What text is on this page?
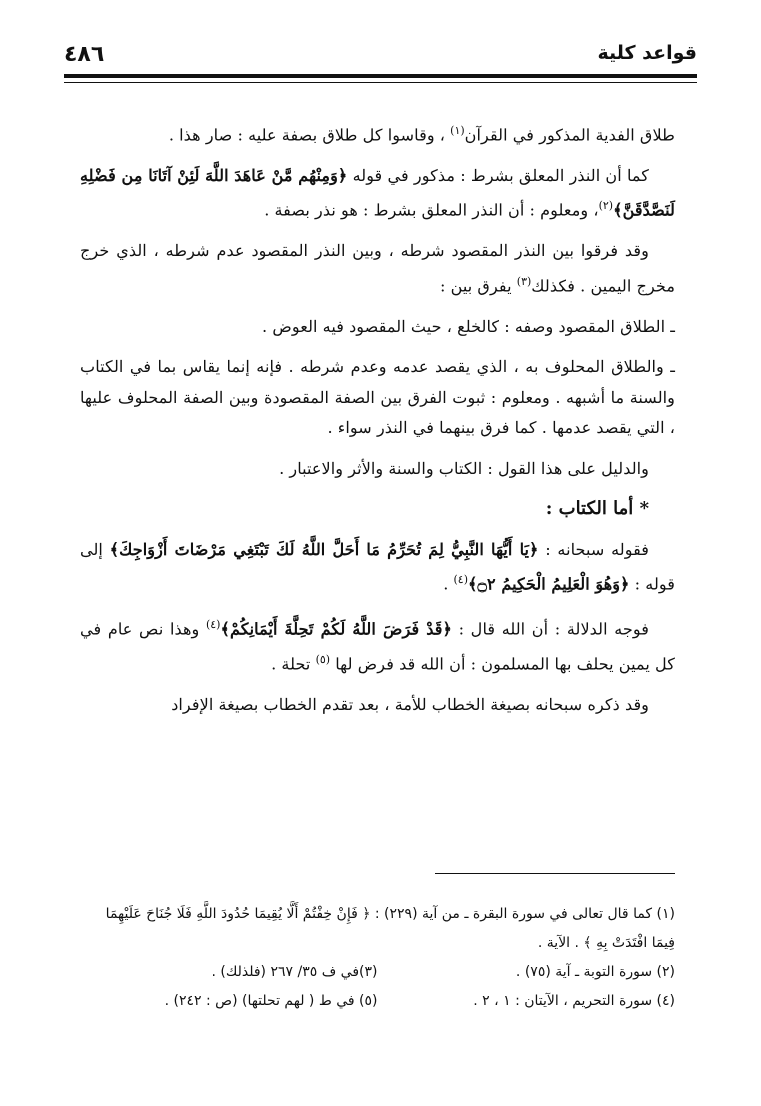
٤٨٦	قواعد كلية

طلاق الفدية المذكور في القرآن$^{(١)}$ ، وقاسوا كل طلاق بصفة عليه : صار هذا .

كما أن النذر المعلق بشرط : مذكور في قوله ﴿وَمِنْهُم مَّنْ عَاهَدَ اللَّهَ لَئِنْ آتَانَا مِن فَضْلِهِ لَنَصَّدَّقَنَّ﴾$^{(٢)}$، ومعلوم : أن النذر المعلق بشرط : هو نذر بصفة .

وقد فرقوا بين النذر المقصود شرطه ، وبين النذر المقصود عدم شرطه ، الذي خرج مخرج اليمين . فكذلك$^{(٣)}$ يفرق بين :

ـ الطلاق المقصود وصفه : كالخلع ، حيث المقصود فيه العوض .

ـ والطلاق المحلوف به ، الذي يقصد عدمه وعدم شرطه . فإنه إنما يقاس بما في الكتاب والسنة ما أشبهه . ومعلوم : ثبوت الفرق بين الصفة المقصودة وبين الصفة المحلوف عليها ، التي يقصد عدمها . كما فرق بينهما في النذر سواء .

والدليل على هذا القول : الكتاب والسنة والأثر والاعتبار .

* أما الكتاب :

فقوله سبحانه : ﴿يَا أَيُّهَا النَّبِيُّ لِمَ تُحَرِّمُ مَا أَحَلَّ اللَّهُ لَكَ تَبْتَغِي مَرْضَاتَ أَزْوَاجِكَ﴾ إلى قوله : ﴿وَهُوَ الْعَلِيمُ الْحَكِيمُ ۝٢﴾$^{(٤)}$ .

فوجه الدلالة : أن الله قال : ﴿قَدْ فَرَضَ اللَّهُ لَكُمْ تَحِلَّةَ أَيْمَانِكُمْ﴾$^{(٤)}$ وهذا نص عام في كل يمين يحلف بها المسلمون : أن الله قد فرض لها $^{(٥)}$ تحلة .

وقد ذكره سبحانه بصيغة الخطاب للأمة ، بعد تقدم الخطاب بصيغة الإفراد

(١) كما قال تعالى في سورة البقرة ـ من آية (٢٢٩) : ﴿ فَإِنْ خِفْتُمْ أَلَّا يُقِيمَا حُدُودَ اللَّهِ فَلَا جُنَاحَ عَلَيْهِمَا فِيمَا افْتَدَتْ بِهِ ﴾ . الآية .

(٢) سورة التوبة ـ آية (٧٥) .

(٣)في ف ٣٥/ ٢٦٧ (فلذلك) .

(٤) سورة التحريم ، الآيتان : ١ ، ٢ .

(٥) في ط ( لهم تحلتها) (ص : ٢٤٢) .
